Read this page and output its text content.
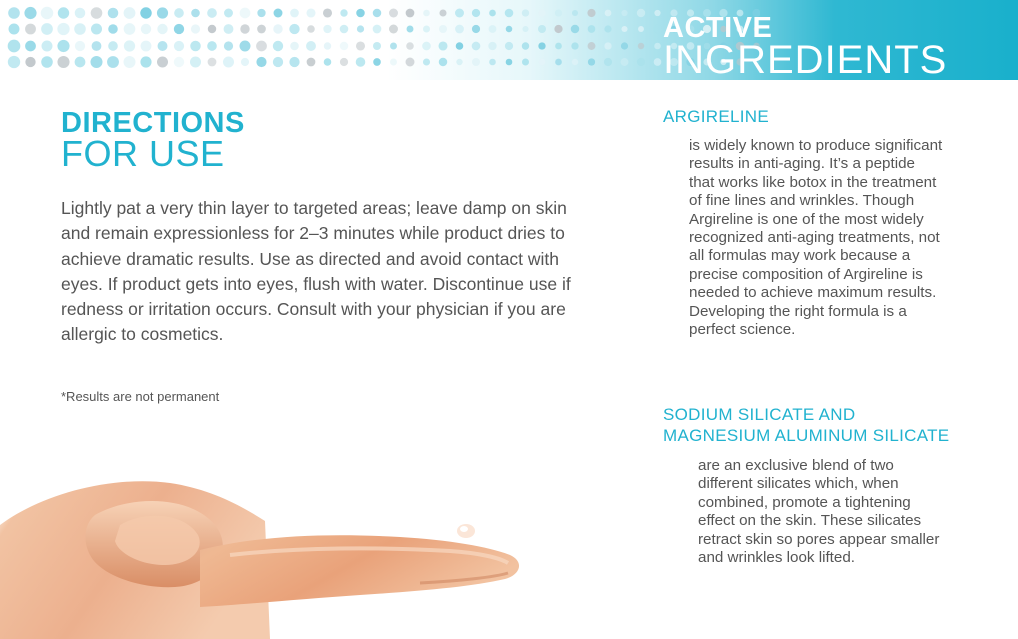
ACTIVE
INGREDIENTS
DIRECTIONS
FOR USE

Lightly pat a very thin layer to targeted areas; leave damp on skin and remain expressionless for 2–3 minutes while product dries to achieve dramatic results. Use as directed and avoid contact with eyes. If product gets into eyes, flush with water. Discontinue use if redness or irritation occurs. Consult with your physician if you are allergic to cosmetics.

*Results are not permanent

ARGIRELINE

is widely known to produce significant results in anti-aging. It’s a peptide that works like botox in the treatment of fine lines and wrinkles. Though Argireline is one of the most widely recognized anti-aging treatments, not all formulas may work because a precise composition of Argireline is needed to achieve maximum results. Developing the right formula is a perfect science.

SODIUM SILICATE AND
MAGNESIUM ALUMINUM SILICATE

are an exclusive blend of two different silicates which, when combined, promote a tightening effect on the skin. These silicates retract skin so pores appear smaller and wrinkles look lifted.
